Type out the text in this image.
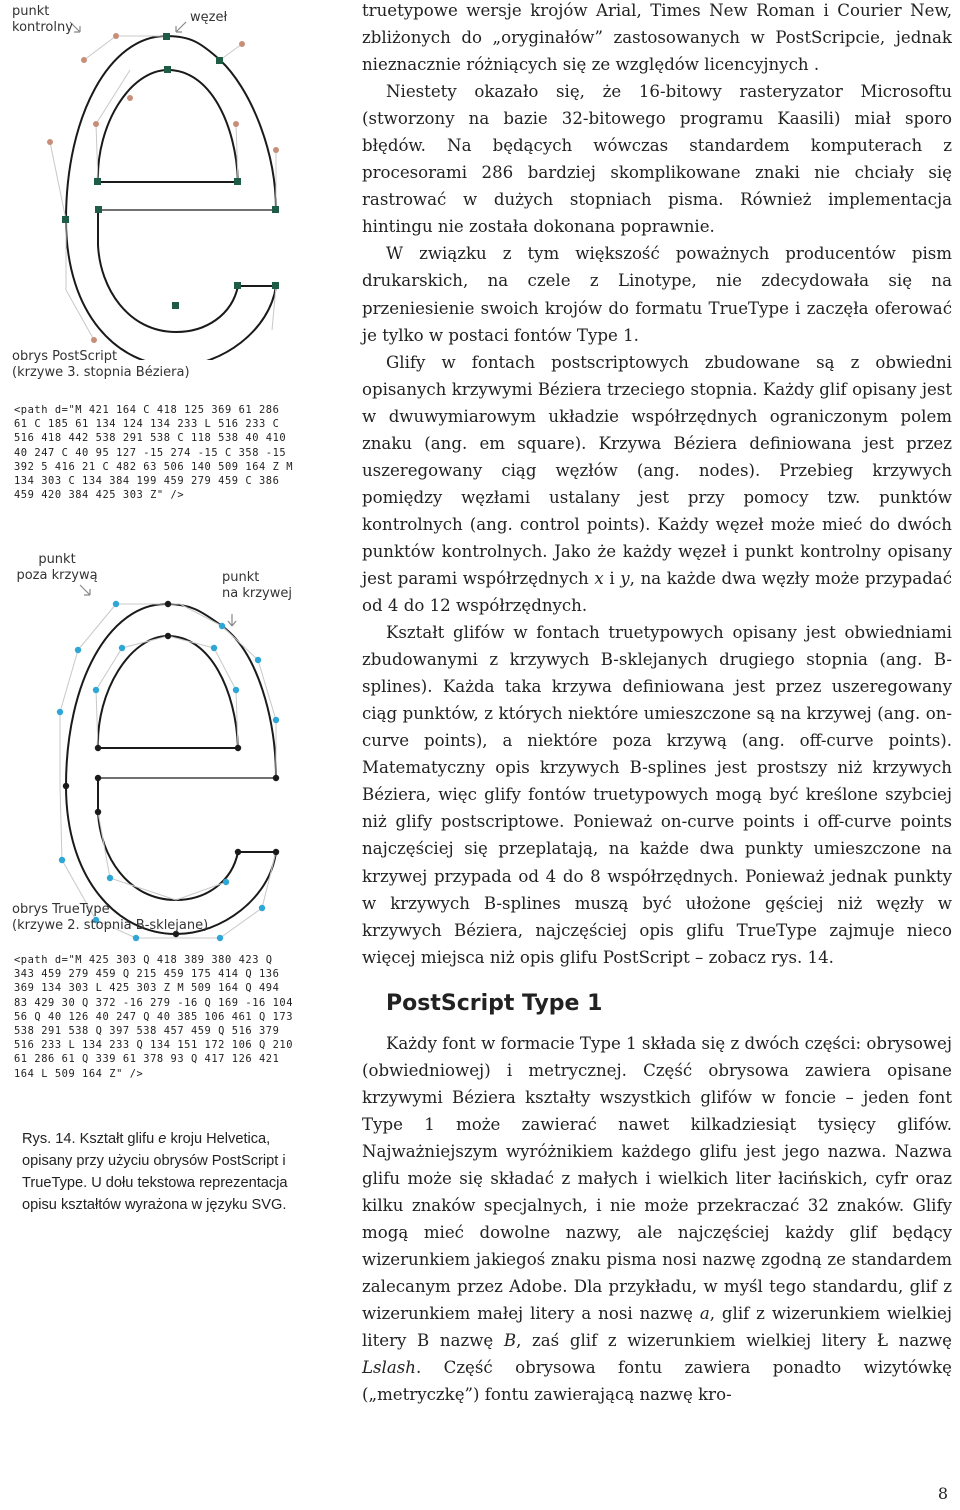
punkt
kontrolny
węzeł
obrys PostScript
(krzywe 3. stopnia Béziera)
<path d="M 421 164 C 418 125 369 61 286
61 C 185 61 134 124 134 233 L 516 233 C
516 418 442 538 291 538 C 118 538 40 410
40 247 C 40 95 127 -15 274 -15 C 358 -15
392 5 416 21 C 482 63 506 140 509 164 Z M
134 303 C 134 384 199 459 279 459 C 386
459 420 384 425 303 Z" />
punkt
poza krzywą	punkt
na krzywej
obrys TrueType
(krzywe 2. stopnia B-sklejane)
<path d="M 425 303 Q 418 389 380 423 Q
343 459 279 459 Q 215 459 175 414 Q 136
369 134 303 L 425 303 Z M 509 164 Q 494
83 429 30 Q 372 -16 279 -16 Q 169 -16 104
56 Q 40 126 40 247 Q 40 385 106 461 Q 173
538 291 538 Q 397 538 457 459 Q 516 379
516 233 L 134 233 Q 134 151 172 106 Q 210
61 286 61 Q 339 61 378 93 Q 417 126 421
164 L 509 164 Z" />
Rys. 14. Kształt glifu e kroju Helvetica, opisany przy użyciu obrysów PostScript i TrueType. U dołu tekstowa reprezentacja opisu kształtów wyrażona w języku SVG.

truetypowe wersje krojów Arial, Times New Roman i Courier New, zbliżonych do „oryginałów” zastosowanych w PostScripcie, jednak nieznacznie różniących się ze względów licencyjnych .

Niestety okazało się, że 16-bitowy rasteryzator Microsoftu (stworzony na bazie 32-bitowego programu Kaasili) miał sporo błędów. Na będących wówczas standardem komputerach z procesorami 286 bardziej skomplikowane znaki nie chciały się rastrować w dużych stopniach pisma. Również implementacja hintingu nie została dokonana poprawnie.

W związku z tym większość poważnych producentów pism drukarskich, na czele z Linotype, nie zdecydowała się na przeniesienie swoich krojów do formatu TrueType i zaczęła oferować je tylko w postaci fontów Type 1.

Glify w fontach postscriptowych zbudowane są z obwiedni opisanych krzywymi Béziera trzeciego stopnia. Każdy glif opisany jest w dwuwymiarowym układzie współrzędnych ograniczonym polem znaku (ang. em square). Krzywa Béziera definiowana jest przez uszeregowany ciąg węzłów (ang. nodes). Przebieg krzywych pomiędzy węzłami ustalany jest przy pomocy tzw. punktów kontrolnych (ang. control points). Każdy węzeł może mieć do dwóch punktów kontrolnych. Jako że każdy węzeł i punkt kontrolny opisany jest parami współrzędnych x i y, na każde dwa węzły może przypadać od 4 do 12 współrzędnych.

Kształt glifów w fontach truetypowych opisany jest obwiedniami zbudowanymi z krzywych B-sklejanych drugiego stopnia (ang. B-splines). Każda taka krzywa definiowana jest przez uszeregowany ciąg punktów, z których niektóre umieszczone są na krzywej (ang. on-curve points), a niektóre poza krzywą (ang. off-curve points). Matematyczny opis krzywych B-splines jest prostszy niż krzywych Béziera, więc glify fontów truetypowych mogą być kreślone szybciej niż glify postscriptowe. Ponieważ on-curve points i off-curve points najczęściej się przeplatają, na każde dwa punkty umieszczone na krzywej przypada od 4 do 8 współrzędnych. Ponieważ jednak punkty w krzywych B-splines muszą być ułożone gęściej niż węzły w krzywych Béziera, najczęściej opis glifu TrueType zajmuje nieco więcej miejsca niż opis glifu PostScript – zobacz rys. 14.

PostScript Type 1

Każdy font w formacie Type 1 składa się z dwóch części: obrysowej (obwiedniowej) i metrycznej. Część obrysowa zawiera opisane krzywymi Béziera kształty wszystkich glifów w foncie – jeden font Type 1 może zawierać nawet kilkadziesiąt tysięcy glifów. Najważniejszym wyróżnikiem każdego glifu jest jego nazwa. Nazwa glifu może się składać z małych i wielkich liter łacińskich, cyfr oraz kilku znaków specjalnych, i nie może przekraczać 32 znaków. Glify mogą mieć dowolne nazwy, ale najczęściej każdy glif będący wizerunkiem jakiegoś znaku pisma nosi nazwę zgodną ze standardem zalecanym przez Adobe. Dla przykładu, w myśl tego standardu, glif z wizerunkiem małej litery a nosi nazwę a, glif z wizerunkiem wielkiej litery B nazwę B, zaś glif z wizerunkiem wielkiej litery Ł nazwę Lslash. Część obrysowa fontu zawiera ponadto wizytówkę („metryczkę”) fontu zawierającą nazwę kro-

8
